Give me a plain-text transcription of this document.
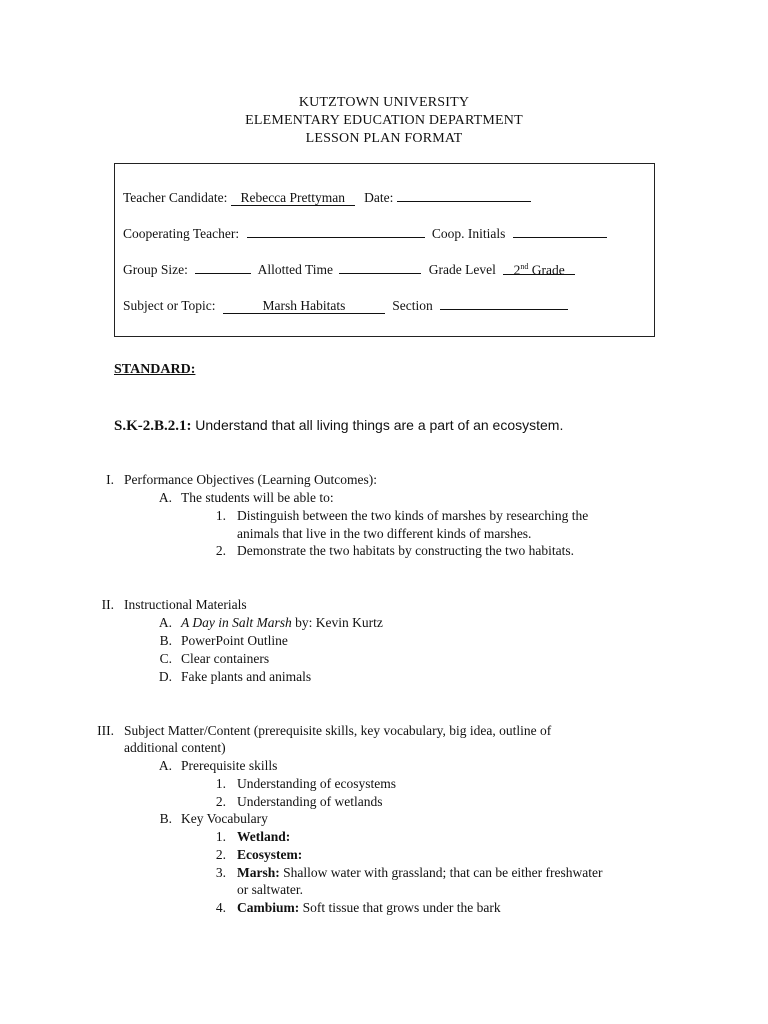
KUTZTOWN UNIVERSITY
ELEMENTARY EDUCATION DEPARTMENT
LESSON PLAN FORMAT
Teacher Candidate: Rebecca Prettyman Date:
Cooperating Teacher:	Coop. Initials
Group Size:	Allotted Time	Grade Level 2nd Grade
Subject or Topic:	Marsh Habitats	Section
STANDARD:
S.K-2.B.2.1: Understand that all living things are a part of an ecosystem.
I. Performance Objectives (Learning Outcomes):
A. The students will be able to:
1. Distinguish between the two kinds of marshes by researching the
animals that live in the two different kinds of marshes.
2. Demonstrate the two habitats by constructing the two habitats.
II. Instructional Materials
A. A Day in Salt Marsh by: Kevin Kurtz
B. PowerPoint Outline
C. Clear containers
D. Fake plants and animals
III. Subject Matter/Content (prerequisite skills, key vocabulary, big idea, outline of
additional content)
A. Prerequisite skills
1. Understanding of ecosystems
2. Understanding of wetlands
B. Key Vocabulary
1. Wetland:
2. Ecosystem:
3. Marsh: Shallow water with grassland; that can be either freshwater
or saltwater.
4. Cambium: Soft tissue that grows under the bark
